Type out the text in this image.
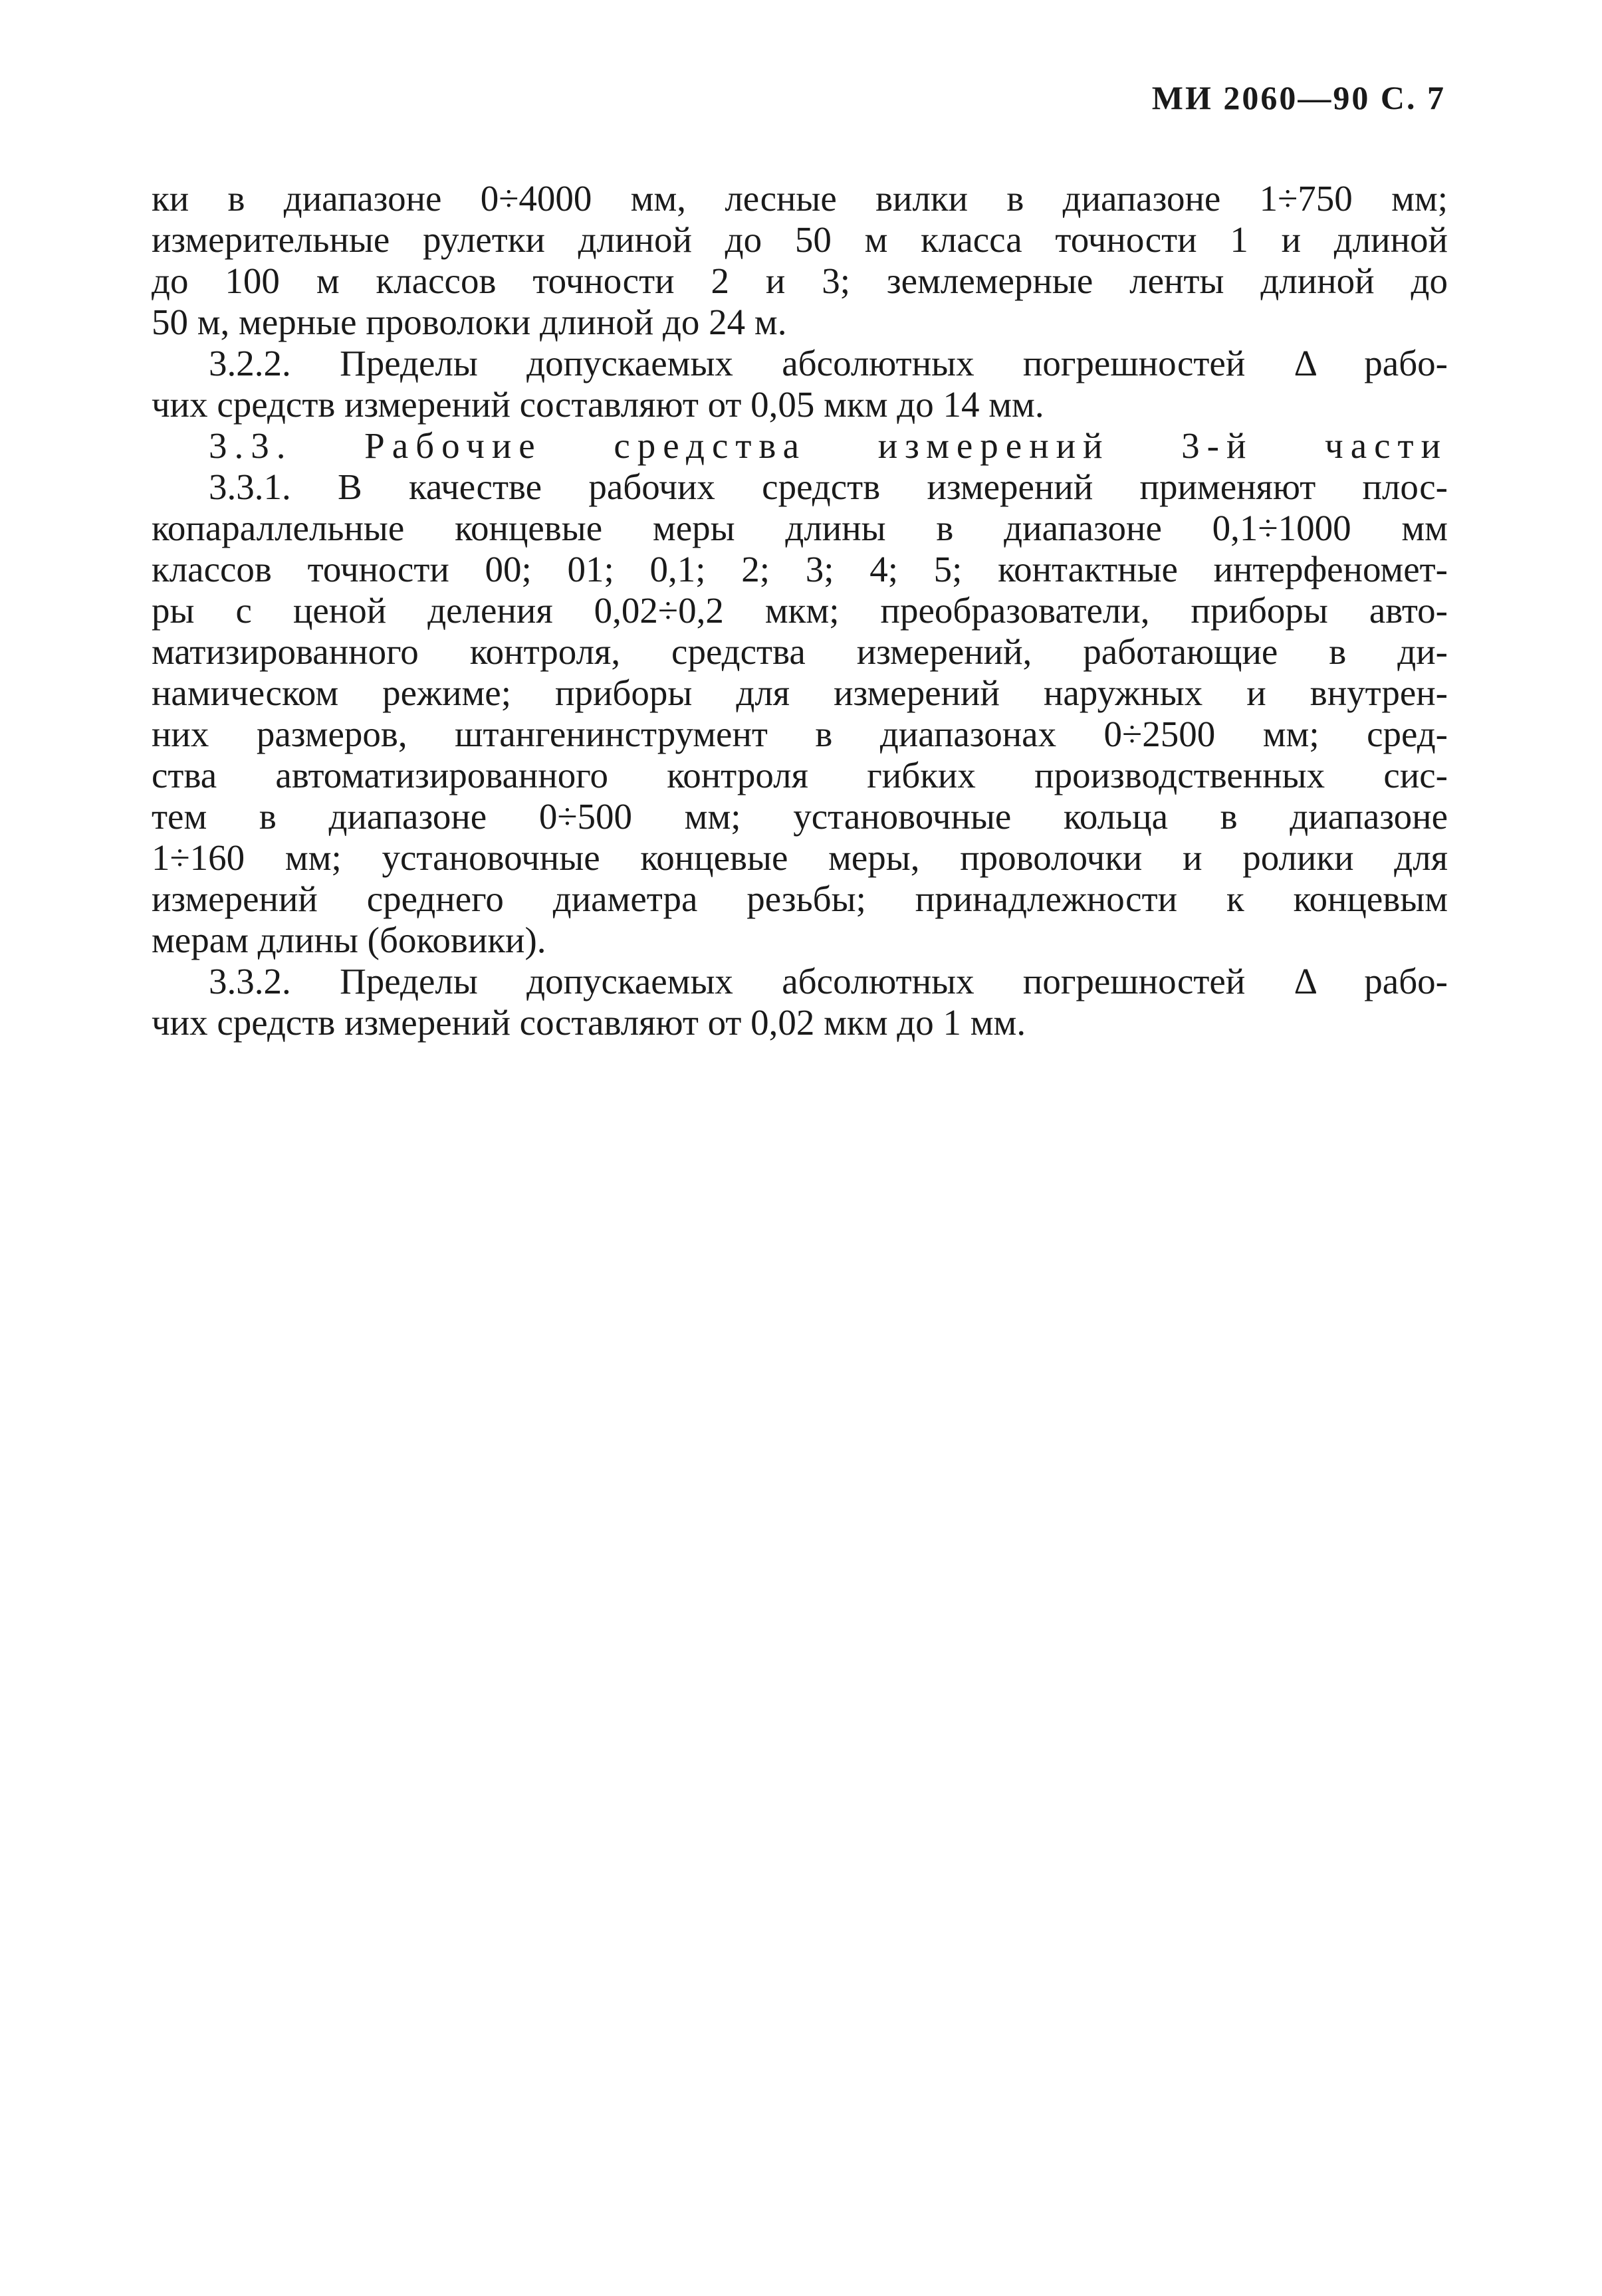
МИ 2060—90 С. 7
ки в диапазоне 0÷4000 мм, лесные вилки в диапазоне 1÷750 мм;
измерительные рулетки длиной до 50 м класса точности 1 и длиной
до 100 м классов точности 2 и 3; землемерные ленты длиной до
50 м, мерные проволоки длиной до 24 м.
3.2.2. Пределы допускаемых абсолютных погрешностей Δ рабо-
чих средств измерений составляют от 0,05 мкм до 14 мм.
3.3. Рабочие средства измерений 3-й части
3.3.1. В качестве рабочих средств измерений применяют плос-
копараллельные концевые меры длины в диапазоне 0,1÷1000 мм
классов точности 00; 01; 0,1; 2; 3; 4; 5; контактные интерфеномет-
ры с ценой деления 0,02÷0,2 мкм; преобразователи, приборы авто-
матизированного контроля, средства измерений, работающие в ди-
намическом режиме; приборы для измерений наружных и внутрен-
них размеров, штангенинструмент в диапазонах 0÷2500 мм; сред-
ства автоматизированного контроля гибких производственных сис-
тем в диапазоне 0÷500 мм; установочные кольца в диапазоне
1÷160 мм; установочные концевые меры, проволочки и ролики для
измерений среднего диаметра резьбы; принадлежности к концевым
мерам длины (боковики).
3.3.2. Пределы допускаемых абсолютных погрешностей Δ рабо-
чих средств измерений составляют от 0,02 мкм до 1 мм.
